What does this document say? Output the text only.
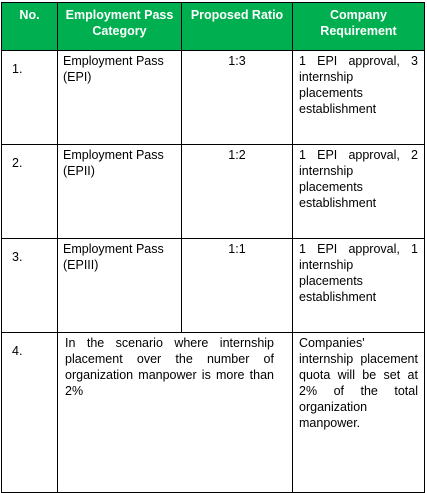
No.	Employment Pass Category	Proposed Ratio	Company Requirement
1.	Employment Pass (EPI)	1:3	1 EPI approval, 3 internship placements establishment
2.	Employment Pass (EPII)	1:2	1 EPI approval, 2 internship placements establishment
3.	Employment Pass (EPIII)	1:1	1 EPI approval, 1 internship placements establishment
4.	In the scenario where internship placement over the number of organization manpower is more than 2%		Companies' internship placement quota will be set at 2% of the total organization manpower.
